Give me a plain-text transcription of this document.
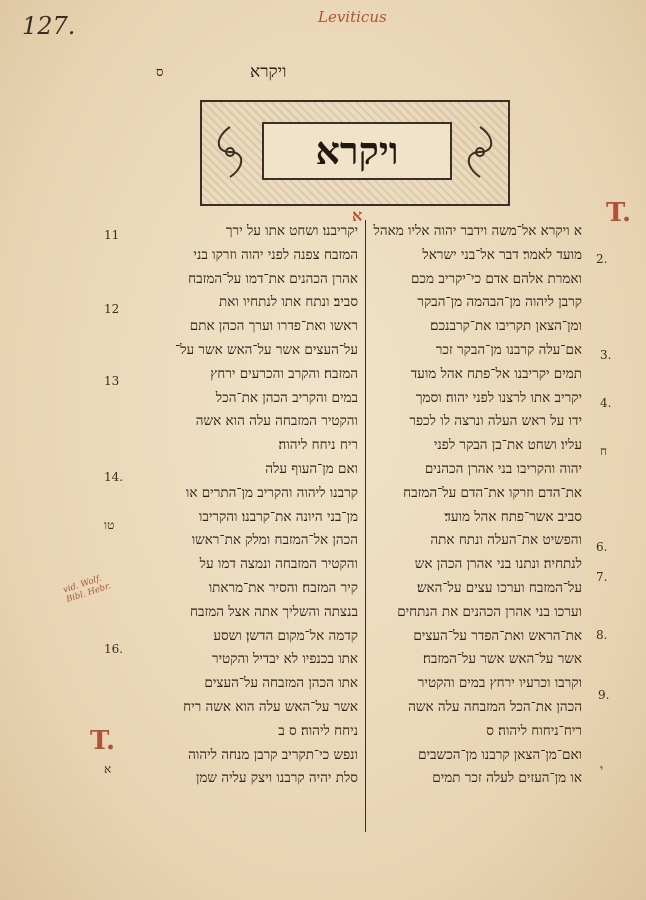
127.	Leviticus
ויקרא
ס
ויקרא
א
א ויקרא אל־משה וידבר יהוה אליו מאהל
מועד לאמר׃ דבר אל־בני ישראל
ואמרת אלהם אדם כי־יקריב מכם
קרבן ליהוה מן־הבהמה מן־הבקר
ומן־הצאן תקריבו את־קרבנכם׃
אם־עלה קרבנו מן־הבקר זכר
תמים יקריבנו אל־פתח אהל מועד
יקריב אתו לרצנו לפני יהוה׃ וסמך
ידו על ראש העלה ונרצה לו לכפר
עליו׃ ושחט את־בן הבקר לפני
יהוה והקריבו בני אהרן הכהנים
את־הדם וזרקו את־הדם על־המזבח
סביב אשר־פתח אהל מועד׃
והפשיט את־העלה ונתח אתה
לנתחיה׃ ונתנו בני אהרן הכהן אש
על־המזבח וערכו עצים על־האש׃
וערכו בני אהרן הכהנים את הנתחים
את־הראש ואת־הפדר על־העצים
אשר על־האש אשר על־המזבח׃
וקרבו וכרעיו ירחץ במים והקטיר
הכהן את־הכל המזבחה עלה אשה
ריח־ניחוח ליהוה׃ ס
ואם־מן־הצאן קרבנו מן־הכשבים
או מן־העזים לעלה זכר תמים
יקריבנו׃ ושחט אתו על ירך
המזבח צפנה לפני יהוה וזרקו בני
אהרן הכהנים את־דמו על־המזבח
סביב׃ ונתח אתו לנתחיו ואת
ראשו ואת־פדרו וערך הכהן אתם
על־העצים אשר על־האש אשר על־
המזבח׃ והקרב והכרעים ירחץ
במים והקריב הכהן את־הכל
והקטיר המזבחה עלה הוא אשה
ריח ניחח ליהוה׃
ואם מן־העוף עלה
קרבנו ליהוה והקריב מן־התרים או
מן־בני היונה את־קרבנו׃ והקריבו
הכהן אל־המזבח ומלק את־ראשו
והקטיר המזבחה ונמצה דמו על
קיר המזבח׃ והסיר את־מראתו
בנצתה והשליך אתה אצל המזבח
קדמה אל־מקום הדשן׃ ושסע
אתו בכנפיו לא יבדיל והקטיר
אתו הכהן המזבחה על־העצים
אשר על־האש עלה הוא אשה ריח
ניחח ליהוה׃ ס ב
ונפש כי־תקריב קרבן מנחה ליהוה
סלת יהיה קרבנו ויצק עליה שמן
2.
3.
4.
ח
6.
7.
8.
9.
י
11
12
13
14.
טו
16.
א
T.
T.
vid. Wolf. Bibl. Hebr.
